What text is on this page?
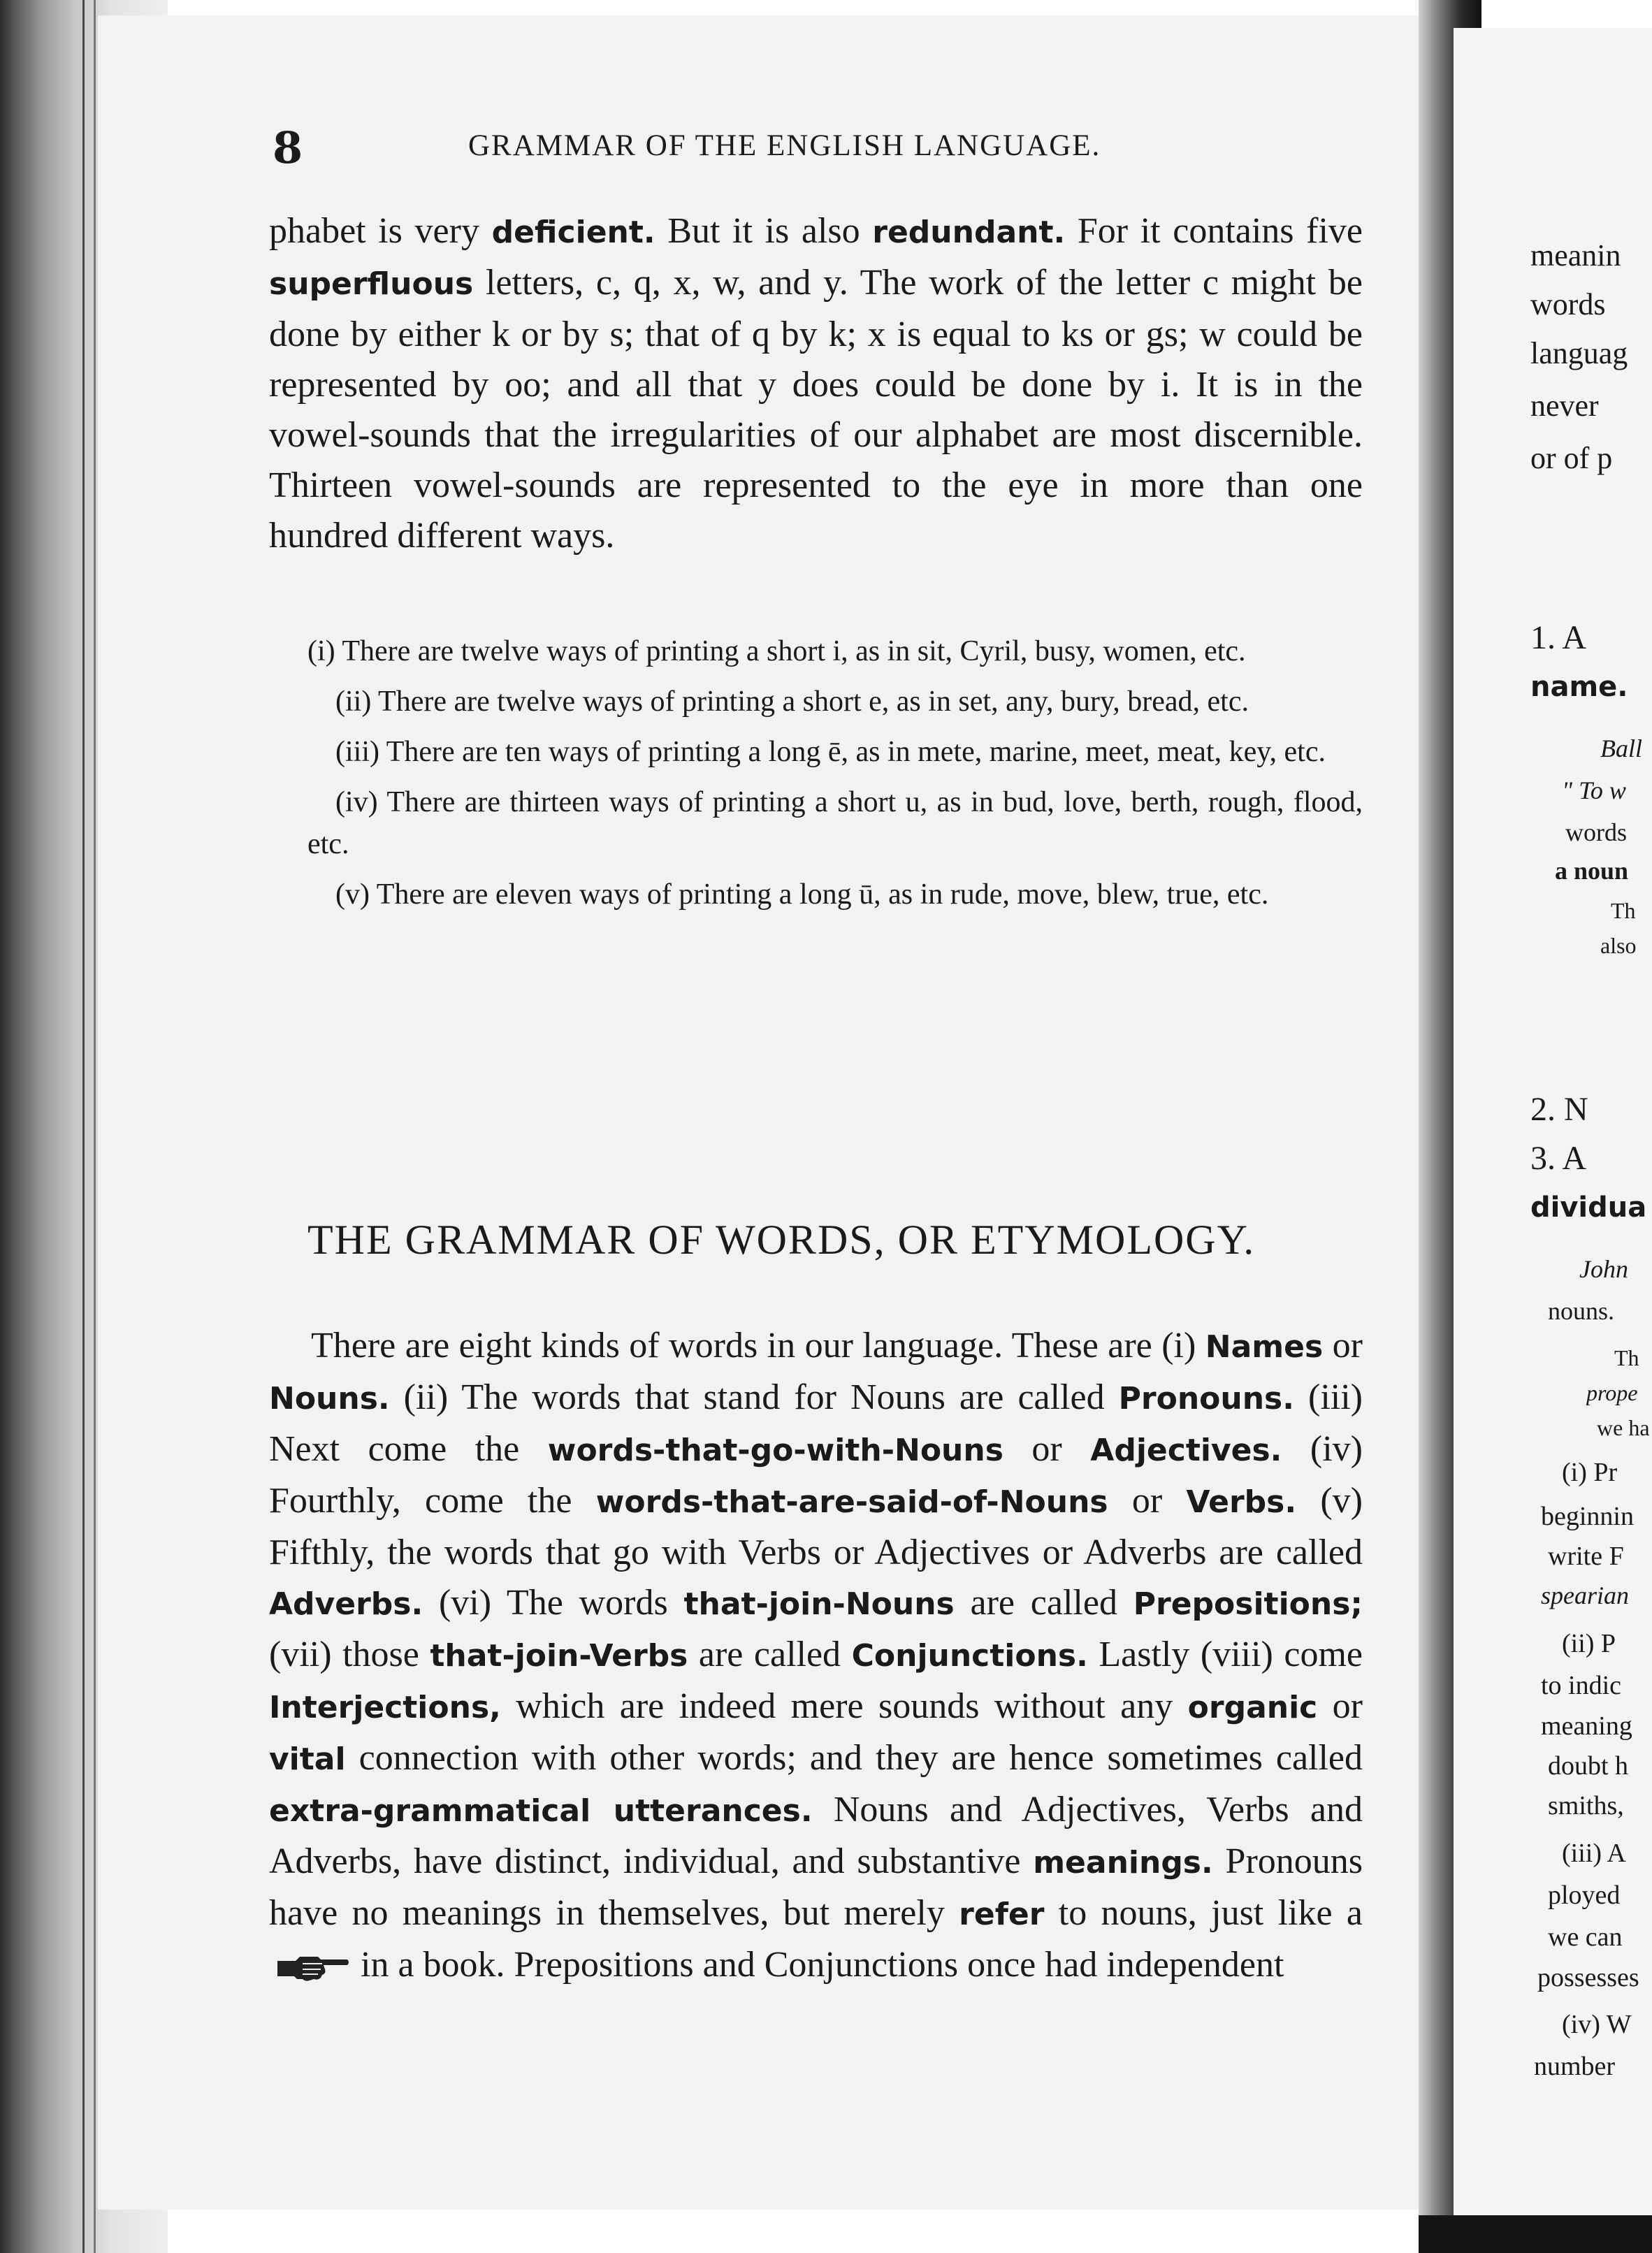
8	GRAMMAR OF THE ENGLISH LANGUAGE.

phabet is very deficient. But it is also redundant. For it contains five superfluous letters, c, q, x, w, and y. The work of the letter c might be done by either k or by s; that of q by k; x is equal to ks or gs; w could be represented by oo; and all that y does could be done by i. It is in the vowel-sounds that the irregularities of our alphabet are most discernible. Thirteen vowel-sounds are represented to the eye in more than one hundred different ways.

(i) There are twelve ways of printing a short i, as in sit, Cyril, busy, women, etc.

(ii) There are twelve ways of printing a short e, as in set, any, bury, bread, etc.

(iii) There are ten ways of printing a long ē, as in mete, marine, meet, meat, key, etc.

(iv) There are thirteen ways of printing a short u, as in bud, love, berth, rough, flood, etc.

(v) There are eleven ways of printing a long ū, as in rude, move, blew, true, etc.

THE GRAMMAR OF WORDS, OR ETYMOLOGY.

There are eight kinds of words in our language. These are (i) Names or Nouns. (ii) The words that stand for Nouns are called Pronouns. (iii) Next come the words-that-go-with-Nouns or Adjectives. (iv) Fourthly, come the words-that-are-said-of-Nouns or Verbs. (v) Fifthly, the words that go with Verbs or Adjectives or Adverbs are called Adverbs. (vi) The words that-join-Nouns are called Prepositions; (vii) those that-join-Verbs are called Conjunctions. Lastly (viii) come Interjections, which are indeed mere sounds without any organic or vital connection with other words; and they are hence sometimes called extra-grammatical utterances. Nouns and Adjectives, Verbs and Adverbs, have distinct, individual, and substantive meanings. Pronouns have no meanings in themselves, but merely refer to nouns, just like a in a book. Prepositions and Conjunctions once had independent

meanin
words
languag
never
or of p
1. A
name.
Ball
" To w
words
a noun
Th
also
2. N
3. A
dividua
John
nouns.
Th
prope
we ha
(i) Pr
beginnin
write F
spearian
(ii) P
to indic
meaning
doubt h
smiths,
(iii) A
ployed
we can
possesses
(iv) W
number
